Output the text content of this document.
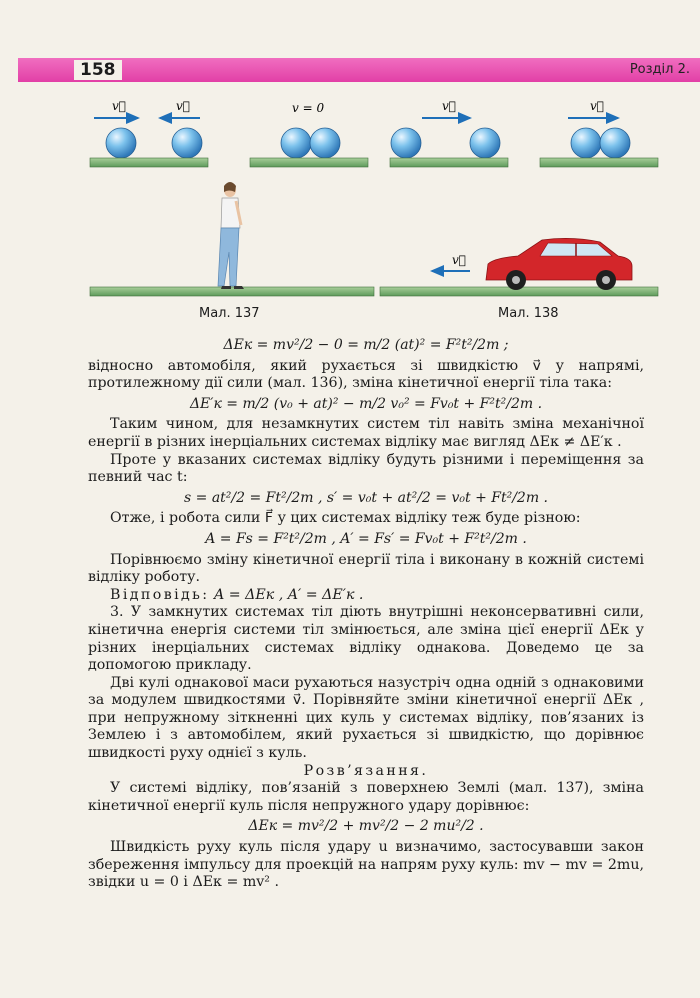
158	Розділ 2.
v⃗	v⃗	v = 0	v⃗	v⃗
v⃗
Мал. 137	Мал. 138
ΔEк = mv²/2 − 0 = m/2 (at)² = F²t²/2m ;

відносно автомобіля, який рухається зі швидкістю v⃗ у напрямі, протилежному дії сили (мал. 136), зміна кінетичної енергії тіла така:

ΔE′к = m/2 (v₀ + at)² − m/2 v₀² = Fv₀t + F²t²/2m .

Таким чином, для незамкнутих систем тіл навіть зміна механічної енергії в різних інерціальних системах відліку має вигляд ΔEк ≠ ΔE′к .

Проте у вказаних системах відліку будуть різними і переміщення за певний час t:

s = at²/2 = Ft²/2m , s′ = v₀t + at²/2 = v₀t + Ft²/2m .

Отже, і робота сили F⃗ у цих системах відліку теж буде різною:

A = Fs = F²t²/2m , A′ = Fs′ = Fv₀t + F²t²/2m .

Порівнюємо зміну кінетичної енергії тіла і виконану в кожній системі відліку роботу.

Відповідь: A = ΔEк , A′ = ΔE′к .

3. У замкнутих системах тіл діють внутрішні неконсервативні сили, кінетична енергія системи тіл змінюється, але зміна цієї енергії ΔEк у різних інерціальних системах відліку однакова. Доведемо це за допомогою прикладу.

Дві кулі однакової маси рухаються назустріч одна одній з однаковими за модулем швидкостями v⃗. Порівняйте зміни кінетичної енергії ΔEк , при непружному зіткненні цих куль у системах відліку, пов’язаних із Землею і з автомобілем, який рухається зі швидкістю, що дорівнює швидкості руху однієї з куль.

Розв’язання.

У системі відліку, пов’язаній з поверхнею Землі (мал. 137), зміна кінетичної енергії куль після непружного удару дорівнює:

ΔEк = mv²/2 + mv²/2 − 2 mu²/2 .

Швидкість руху куль після удару u визначимо, застосувавши закон збереження імпульсу для проекцій на напрям руху куль: mv − mv = 2mu, звідки u = 0 і ΔEк = mv² .
